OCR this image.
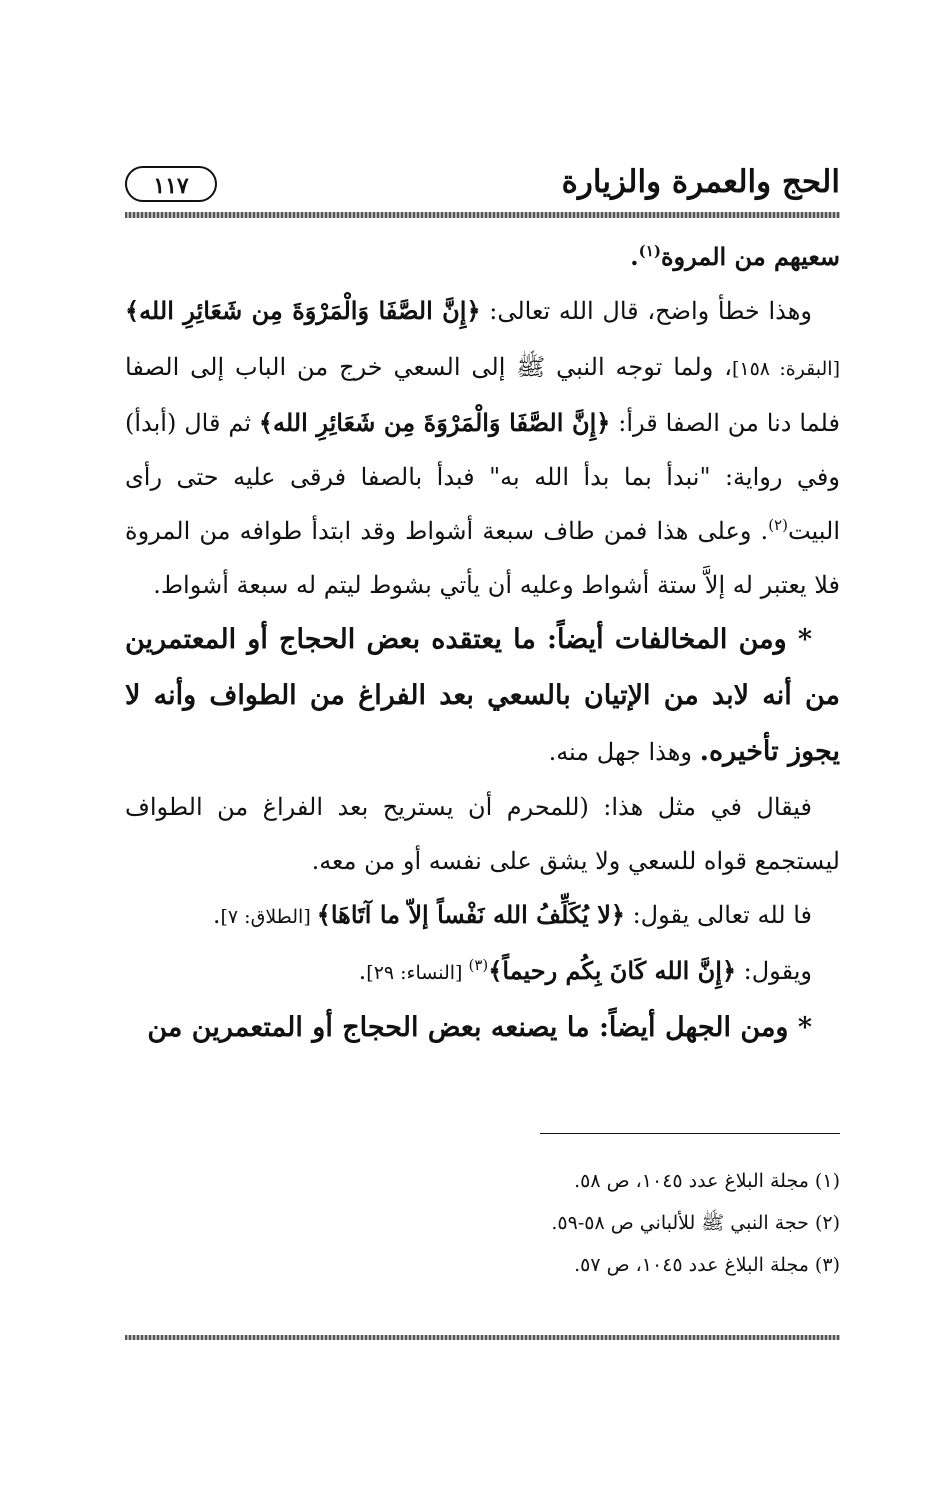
الحج والعمرة والزيارة
١١٧

سعيهم من المروة$^{(١)}$.

وهذا خطأ واضح، قال الله تعالى: ﴿إِنَّ الصَّفَا وَالْمَرْوَةَ مِن شَعَائِرِ الله﴾ [البقرة: ١٥٨]، ولما توجه النبي ﷺ إلى السعي خرج من الباب إلى الصفا فلما دنا من الصفا قرأ: ﴿إِنَّ الصَّفَا وَالْمَرْوَةَ مِن شَعَائِرِ الله﴾ ثم قال (أبدأ) وفي رواية: "نبدأ بما بدأ الله به" فبدأ بالصفا فرقى عليه حتى رأى البيت$^{(٢)}$. وعلى هذا فمن طاف سبعة أشواط وقد ابتدأ طوافه من المروة فلا يعتبر له إلاَّ ستة أشواط وعليه أن يأتي بشوط ليتم له سبعة أشواط.

* ومن المخالفات أيضاً: ما يعتقده بعض الحجاج أو المعتمرين من أنه لابد من الإتيان بالسعي بعد الفراغ من الطواف وأنه لا يجوز تأخيره. وهذا جهل منه.

فيقال في مثل هذا: (للمحرم أن يستريح بعد الفراغ من الطواف ليستجمع قواه للسعي ولا يشق على نفسه أو من معه.

فا لله تعالى يقول: ﴿لا يُكَلِّفُ الله نَفْساً إلاّ ما آتَاهَا﴾ [الطلاق: ٧].

ويقول: ﴿إِنَّ الله كَانَ بِكُم رحيماً﴾$^{(٣)}$ [النساء: ٢٩].

* ومن الجهل أيضاً: ما يصنعه بعض الحجاج أو المتعمرين من

(١) مجلة البلاغ عدد ١٠٤٥، ص ٥٨.
(٢) حجة النبي ﷺ للألباني ص ٥٨-٥٩.
(٣) مجلة البلاغ عدد ١٠٤٥، ص ٥٧.
